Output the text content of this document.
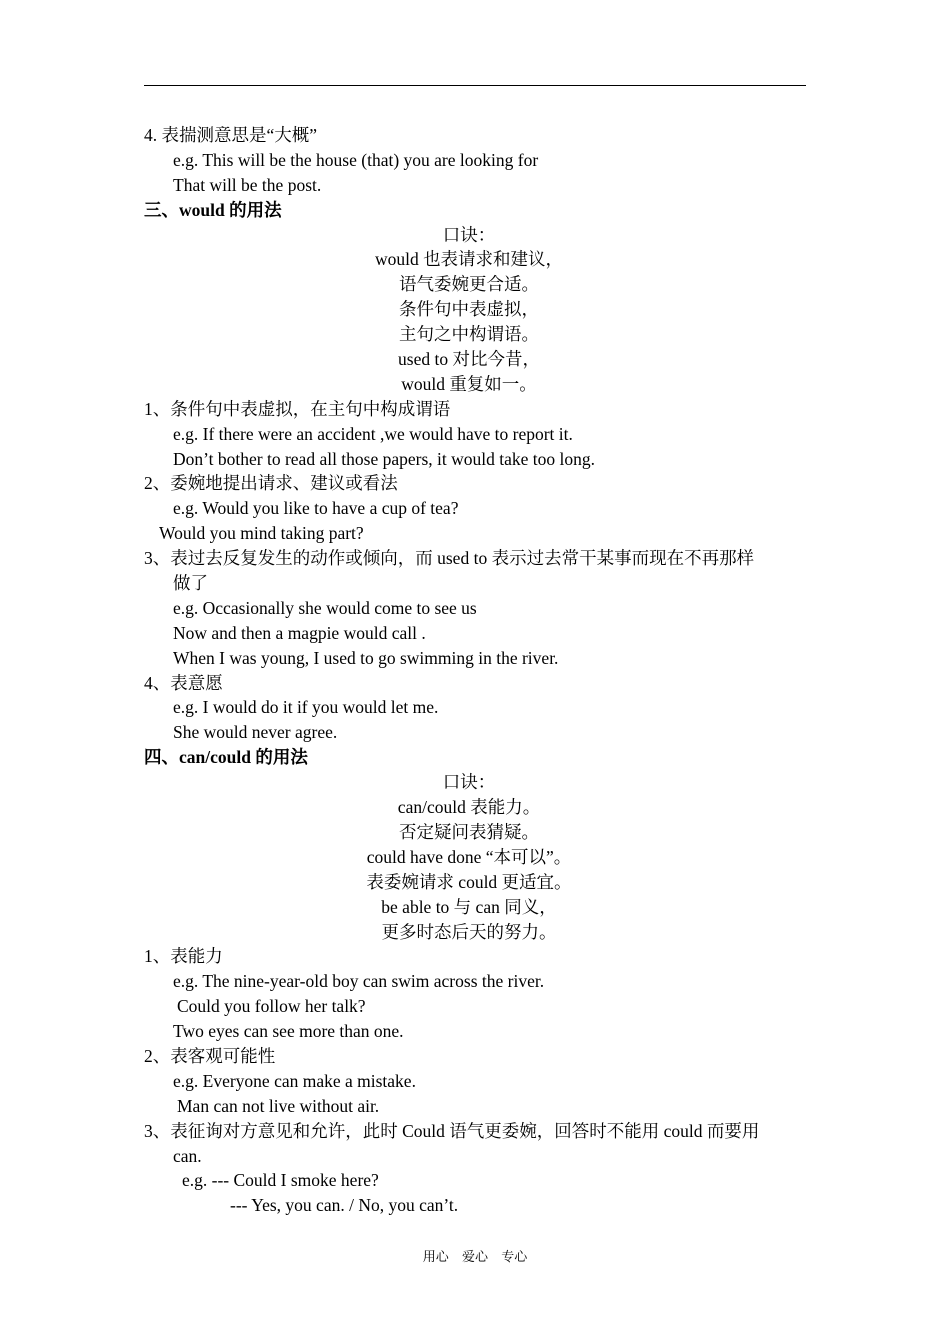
4. 表揣测意思是“大概”
e.g. This will be the house (that) you are looking for
That will be the post.
三、would 的用法
口诀：
would 也表请求和建议，
语气委婉更合适。
条件句中表虚拟，
主句之中构谓语。
used to 对比今昔，
would 重复如一。
1、条件句中表虚拟，在主句中构成谓语
e.g. If there were an accident ,we would have to report it.
Don’t bother to read all those papers, it would take too long.
2、委婉地提出请求、建议或看法
e.g. Would you like to have a cup of tea?
Would you mind taking part?
3、表过去反复发生的动作或倾向，而 used to 表示过去常干某事而现在不再那样
做了
e.g. Occasionally she would come to see us
Now and then a magpie would call .
When I was young, I used to go swimming in the river.
4、表意愿
e.g. I would do it if you would let me.
She would never agree.
四、can/could 的用法
口诀：
can/could 表能力。
否定疑问表猜疑。
could have done “本可以”。
表委婉请求 could 更适宜。
be able to 与 can 同义，
更多时态后天的努力。
1、表能力
e.g. The nine-year-old boy can swim across the river.
Could you follow her talk?
Two eyes can see more than one.
2、表客观可能性
e.g. Everyone can make a mistake.
Man can not live without air.
3、表征询对方意见和允许，此时 Could 语气更委婉，回答时不能用 could 而要用
can.
e.g. --- Could I smoke here?
--- Yes, you can. / No, you can’t.
用心 爱心 专心
